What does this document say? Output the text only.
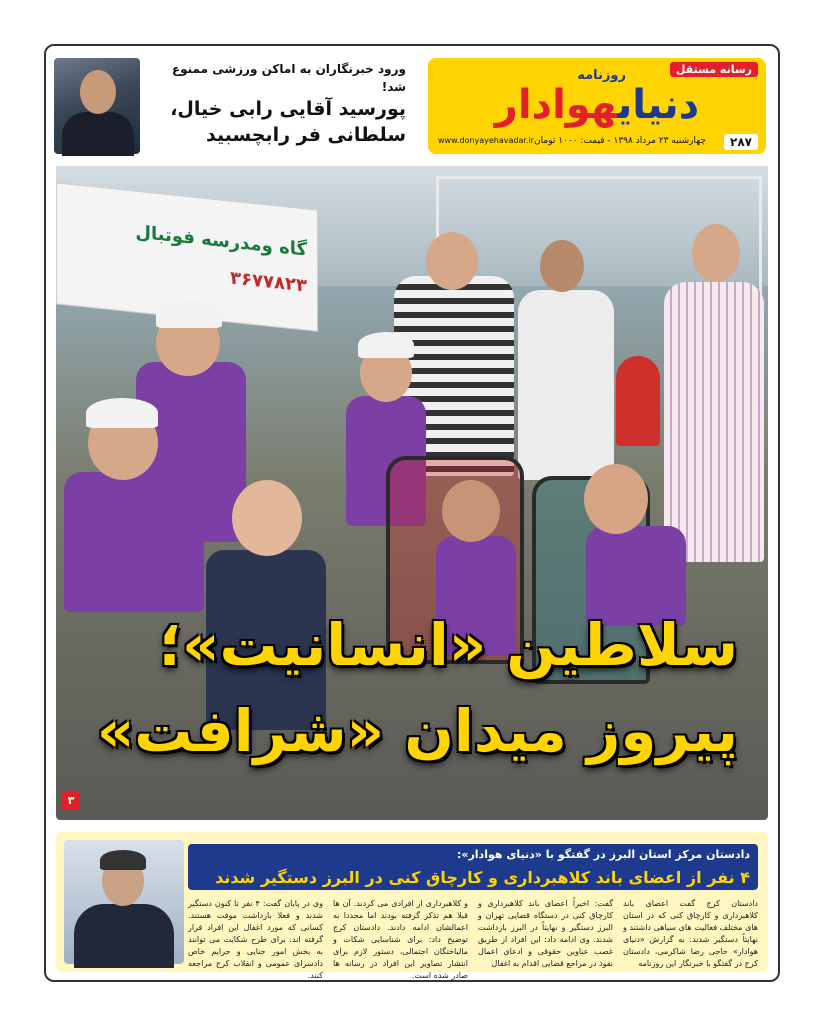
رسانه مستقل
روزنامه
دنیایهوادار
۲۸۷
چهارشنبه ۲۳ مرداد ۱۳۹۸ - قیمت: ۱۰۰۰ تومان
www.donyayehavadar.ir
ورود خبرنگاران به اماکن ورزشی ممنوع شد!
پورسید آقایی رابی خیال،
سلطانی فر رابچسبید
گاه ومدرسه فوتبال
۳۶۷۷۸۲۳
سلاطین «انسانیت»؛
پیروز میدان «شرافت»
۳
دادستان مرکز استان البرز در گفتگو با «دنیای هوادار»:
۴ نفر از اعضای باند کلاهبرداری و کارچاق کنی در البرز دستگیر شدند
دادستان کرج گفت اعضای باند کلاهبرداری و کارچاق کنی که در استان های مختلف فعالیت های سیاهی داشتند و نهایتاً دستگیر شدند. به گزارش «دنیای هوادار» حاجی رضا شاکرمی، دادستان کرج در گفتگو با خبرنگار این روزنامه
گفت: اخیراً اعضای باند کلاهبرداری و کارچاق کنی در دستگاه قضایی تهران و البرز دستگیر و نهایتاً در البرز بازداشت شدند. وی ادامه داد: این افراد از طریق غصب عناوین حقوقی و ادعای اعمال نفوذ در مراجع قضایی اقدام به اغفال
و کلاهبرداری از افرادی می کردند. آن ها قبلا هم تذکر گرفته بودند اما مجددا به اعمالشان ادامه دادند. دادستان کرج توضیح داد: برای شناسایی شکات و مالباختگان احتمالی، دستور لازم برای انتشار تصاویر این افراد در رسانه ها صادر شده است.
وی در پایان گفت: ۴ نفر تا کنون دستگیر شدند و فعلا بازداشت موقت هستند. کسانی که مورد اغفال این افراد قرار گرفته اند، برای طرح شکایت می توانند به بخش امور جنایی و جرایم خاص دادسرای عمومی و انقلاب کرج مراجعه کنند.
